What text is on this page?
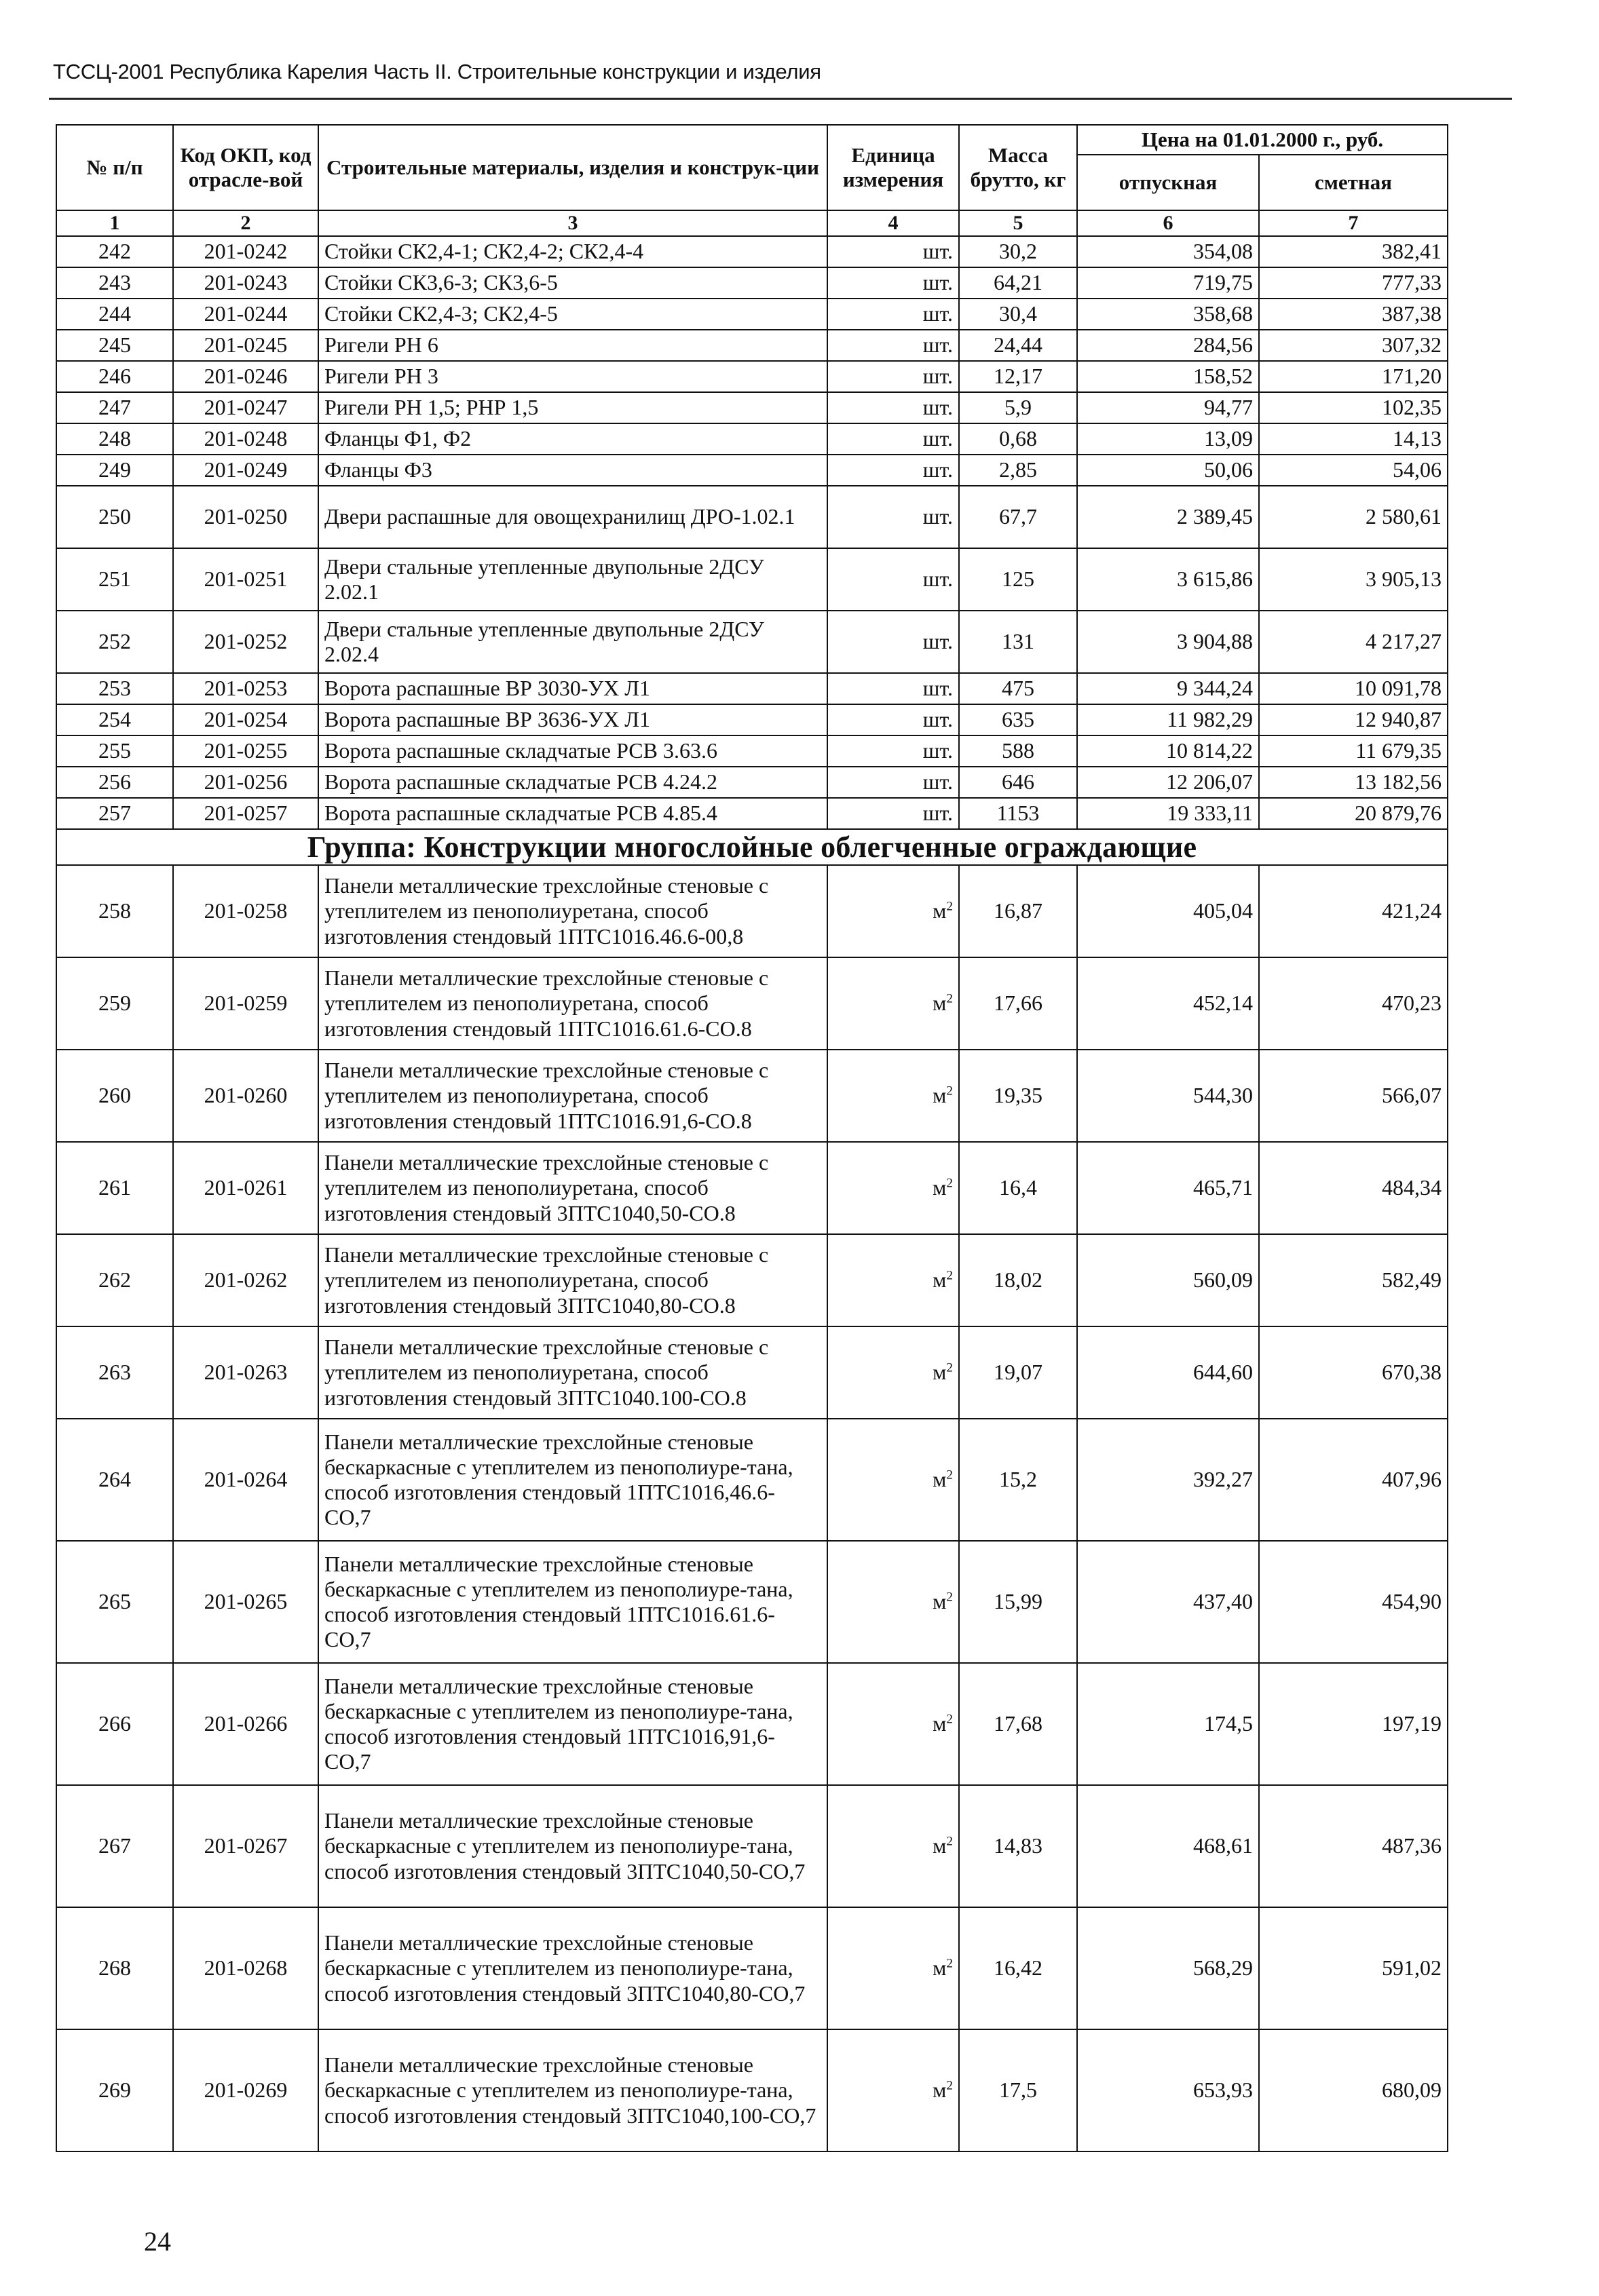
ТССЦ-2001 Республика Карелия Часть II. Строительные конструкции и изделия
№ п/п	Код ОКП, код отрасле-вой	Строительные материалы, изделия и конструк-ции	Единица измерения	Масса брутто, кг	Цена на 01.01.2000 г., руб.	
					отпускная	сметная
1	2	3	4	5	6	7
242	201-0242	Стойки СК2,4-1; СК2,4-2; СК2,4-4	шт.	30,2	354,08	382,41
243	201-0243	Стойки СК3,6-3; СК3,6-5	шт.	64,21	719,75	777,33
244	201-0244	Стойки СК2,4-3; СК2,4-5	шт.	30,4	358,68	387,38
245	201-0245	Ригели РН 6	шт.	24,44	284,56	307,32
246	201-0246	Ригели РН 3	шт.	12,17	158,52	171,20
247	201-0247	Ригели РН 1,5; РНР 1,5	шт.	5,9	94,77	102,35
248	201-0248	Фланцы Ф1, Ф2	шт.	0,68	13,09	14,13
249	201-0249	Фланцы Ф3	шт.	2,85	50,06	54,06
250	201-0250	Двери распашные для овощехранилищ ДРО-1.02.1	шт.	67,7	2 389,45	2 580,61
251	201-0251	Двери стальные утепленные двупольные 2ДСУ 2.02.1	шт.	125	3 615,86	3 905,13
252	201-0252	Двери стальные утепленные двупольные 2ДСУ 2.02.4	шт.	131	3 904,88	4 217,27
253	201-0253	Ворота распашные ВР 3030-УХ Л1	шт.	475	9 344,24	10 091,78
254	201-0254	Ворота распашные ВР 3636-УХ Л1	шт.	635	11 982,29	12 940,87
255	201-0255	Ворота распашные складчатые РСВ 3.63.6	шт.	588	10 814,22	11 679,35
256	201-0256	Ворота распашные складчатые РСВ 4.24.2	шт.	646	12 206,07	13 182,56
257	201-0257	Ворота распашные складчатые РСВ 4.85.4	шт.	1153	19 333,11	20 879,76
Группа: Конструкции многослойные облегченные ограждающие						
258	201-0258	Панели металлические трехслойные стеновые с утеплителем из пенополиуретана, способ изготовления стендовый 1ПТС1016.46.6-00,8	$м^2$	16,87	405,04	421,24
259	201-0259	Панели металлические трехслойные стеновые с утеплителем из пенополиуретана, способ изготовления стендовый 1ПТС1016.61.6-СО.8	$м^2$	17,66	452,14	470,23
260	201-0260	Панели металлические трехслойные стеновые с утеплителем из пенополиуретана, способ изготовления стендовый 1ПТС1016.91,6-СО.8	$м^2$	19,35	544,30	566,07
261	201-0261	Панели металлические трехслойные стеновые с утеплителем из пенополиуретана, способ изготовления стендовый 3ПТС1040,50-СО.8	$м^2$	16,4	465,71	484,34
262	201-0262	Панели металлические трехслойные стеновые с утеплителем из пенополиуретана, способ изготовления стендовый 3ПТС1040,80-СО.8	$м^2$	18,02	560,09	582,49
263	201-0263	Панели металлические трехслойные стеновые с утеплителем из пенополиуретана, способ изготовления стендовый 3ПТС1040.100-СО.8	$м^2$	19,07	644,60	670,38
264	201-0264	Панели металлические трехслойные стеновые бескаркасные с утеплителем из пенополиуре-тана, способ изготовления стендовый 1ПТС1016,46.6-СО,7	$м^2$	15,2	392,27	407,96
265	201-0265	Панели металлические трехслойные стеновые бескаркасные с утеплителем из пенополиуре-тана, способ изготовления стендовый 1ПТС1016.61.6-СО,7	$м^2$	15,99	437,40	454,90
266	201-0266	Панели металлические трехслойные стеновые бескаркасные с утеплителем из пенополиуре-тана, способ изготовления стендовый 1ПТС1016,91,6-СО,7	$м^2$	17,68	174,5	197,19
267	201-0267	Панели металлические трехслойные стеновые бескаркасные с утеплителем из пенополиуре-тана, способ изготовления стендовый 3ПТС1040,50-СО,7	$м^2$	14,83	468,61	487,36
268	201-0268	Панели металлические трехслойные стеновые бескаркасные с утеплителем из пенополиуре-тана, способ изготовления стендовый 3ПТС1040,80-СО,7	$м^2$	16,42	568,29	591,02
269	201-0269	Панели металлические трехслойные стеновые бескаркасные с утеплителем из пенополиуре-тана, способ изготовления стендовый 3ПТС1040,100-СО,7	$м^2$	17,5	653,93	680,09
24
